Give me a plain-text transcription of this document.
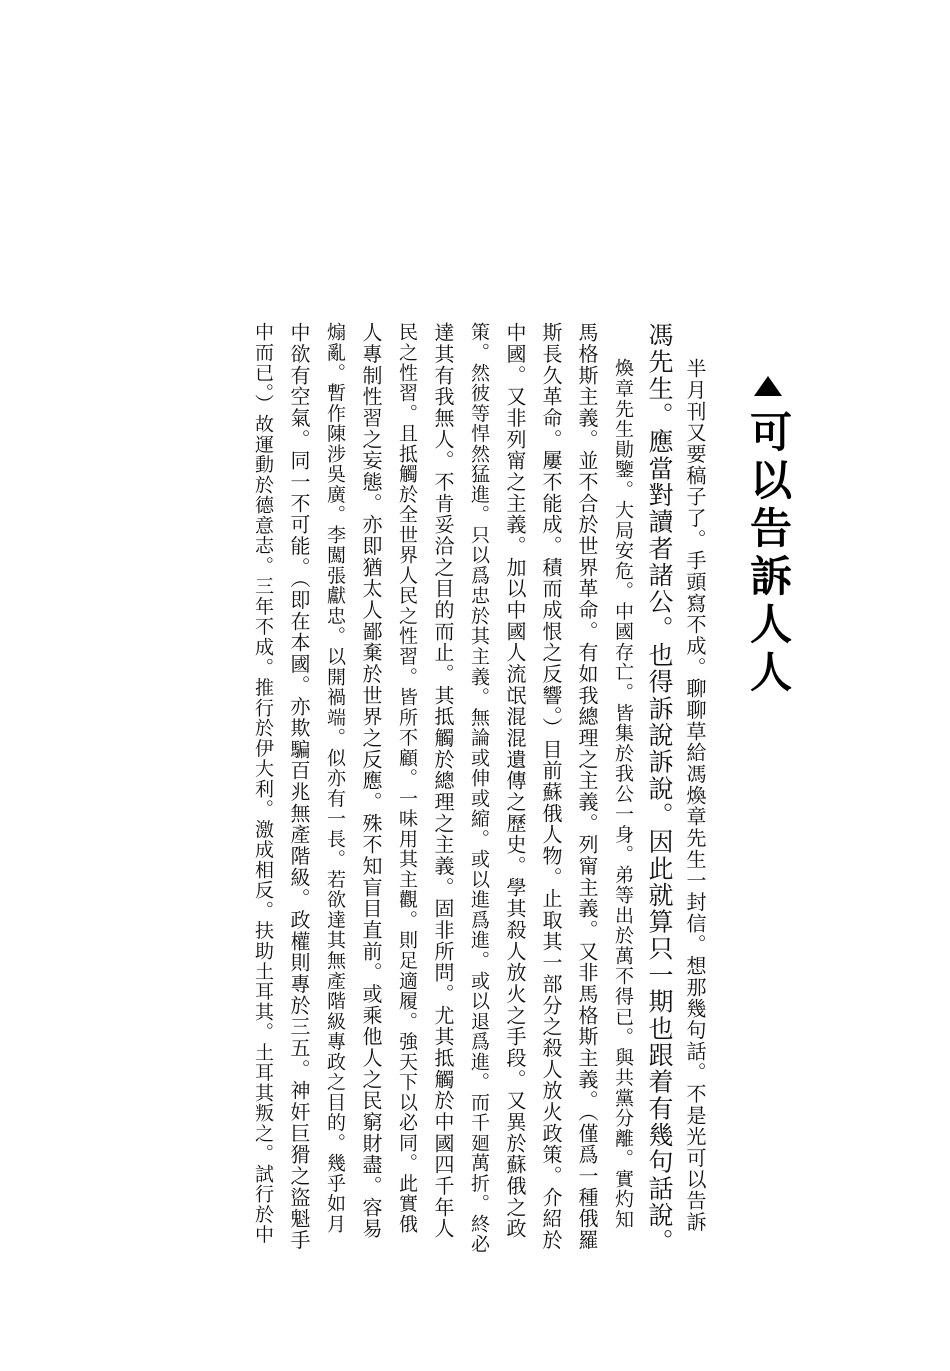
可以告訴人人
半月刊又要稿子了。手頭寫不成。聊聊草給馮煥章先生一封信。想那幾句話。不是光可以告訴
馮先生。應當對讀者諸公。也得訴說訴說。因此就算只一期也跟着有幾句話說。
煥章先生勛鑒。大局安危。中國存亡。皆集於我公一身。弟等出於萬不得已。與共黨分離。實灼知
馬格斯主義。並不合於世界革命。有如我總理之主義。列甯主義。又非馬格斯主義。（僅爲一種俄羅
斯長久革命。屢不能成。積而成恨之反響。）目前蘇俄人物。止取其一部分之殺人放火政策。介紹於
中國。又非列甯之主義。加以中國人流氓混混遺傳之歷史。學其殺人放火之手段。又異於蘇俄之政
策。然彼等悍然猛進。只以爲忠於其主義。無論或伸或縮。或以進爲進。或以退爲進。而千廻萬折。終必
達其有我無人。不肯妥洽之目的而止。其抵觸於總理之主義。固非所問。尤其抵觸於中國四千年人
民之性習。且抵觸於全世界人民之性習。皆所不顧。一味用其主觀。則足適履。強天下以必同。此實俄
人專制性習之妄態。亦即猶太人鄙棄於世界之反應。殊不知盲目直前。或乘他人之民窮財盡。容易
煽亂。暫作陳涉吳廣。李闖張獻忠。以開禍端。似亦有一長。若欲達其無產階級專政之目的。幾乎如月
中欲有空氣。同一不可能。（即在本國。亦欺騙百兆無產階級。政權則專於三五。神奸巨猾之盜魁手
中而已。）故運動於德意志。三年不成。推行於伊大利。激成相反。扶助土耳其。土耳其叛之。試行於中
